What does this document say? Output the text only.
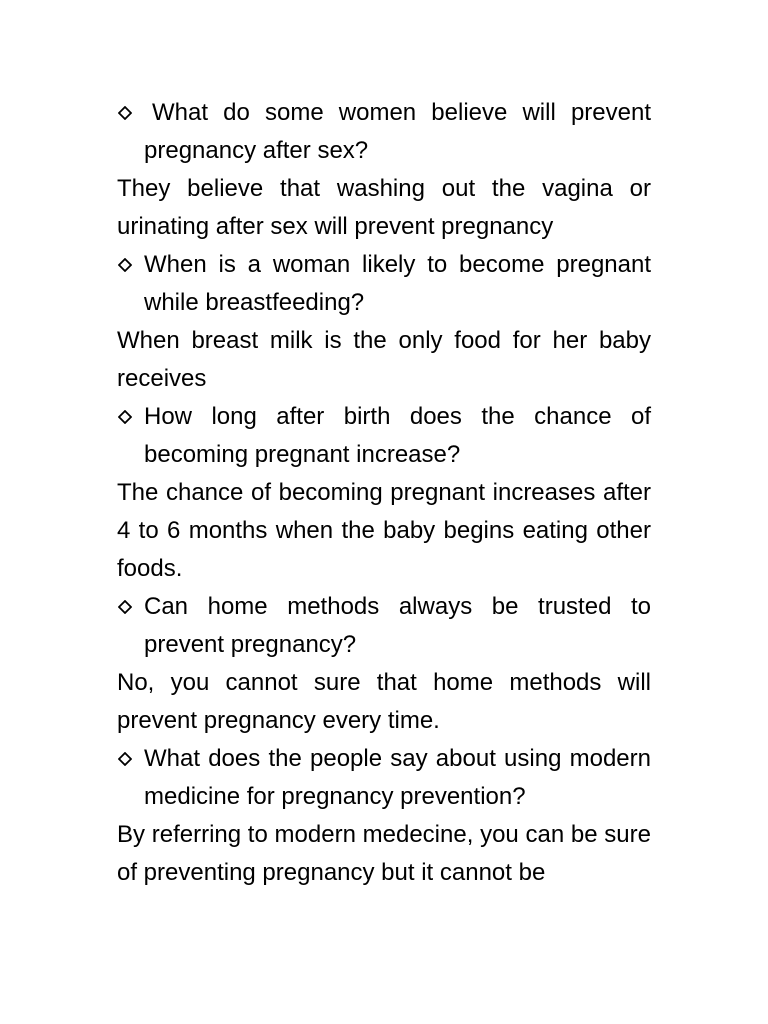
What do some women believe will prevent pregnancy after sex?
They believe that washing out the vagina or urinating after sex will prevent pregnancy
When is a woman likely to become pregnant while breastfeeding?
When breast milk is the only food for her baby receives
How long after birth does the chance of becoming pregnant increase?
The chance of becoming pregnant increases after 4 to 6 months when the baby begins eating other foods.
Can home methods always be trusted to prevent pregnancy?
No, you cannot sure that home methods will prevent pregnancy every time.
What does the people say about using modern medicine for pregnancy prevention?
By referring to modern medecine, you can be sure of preventing pregnancy but it cannot be
